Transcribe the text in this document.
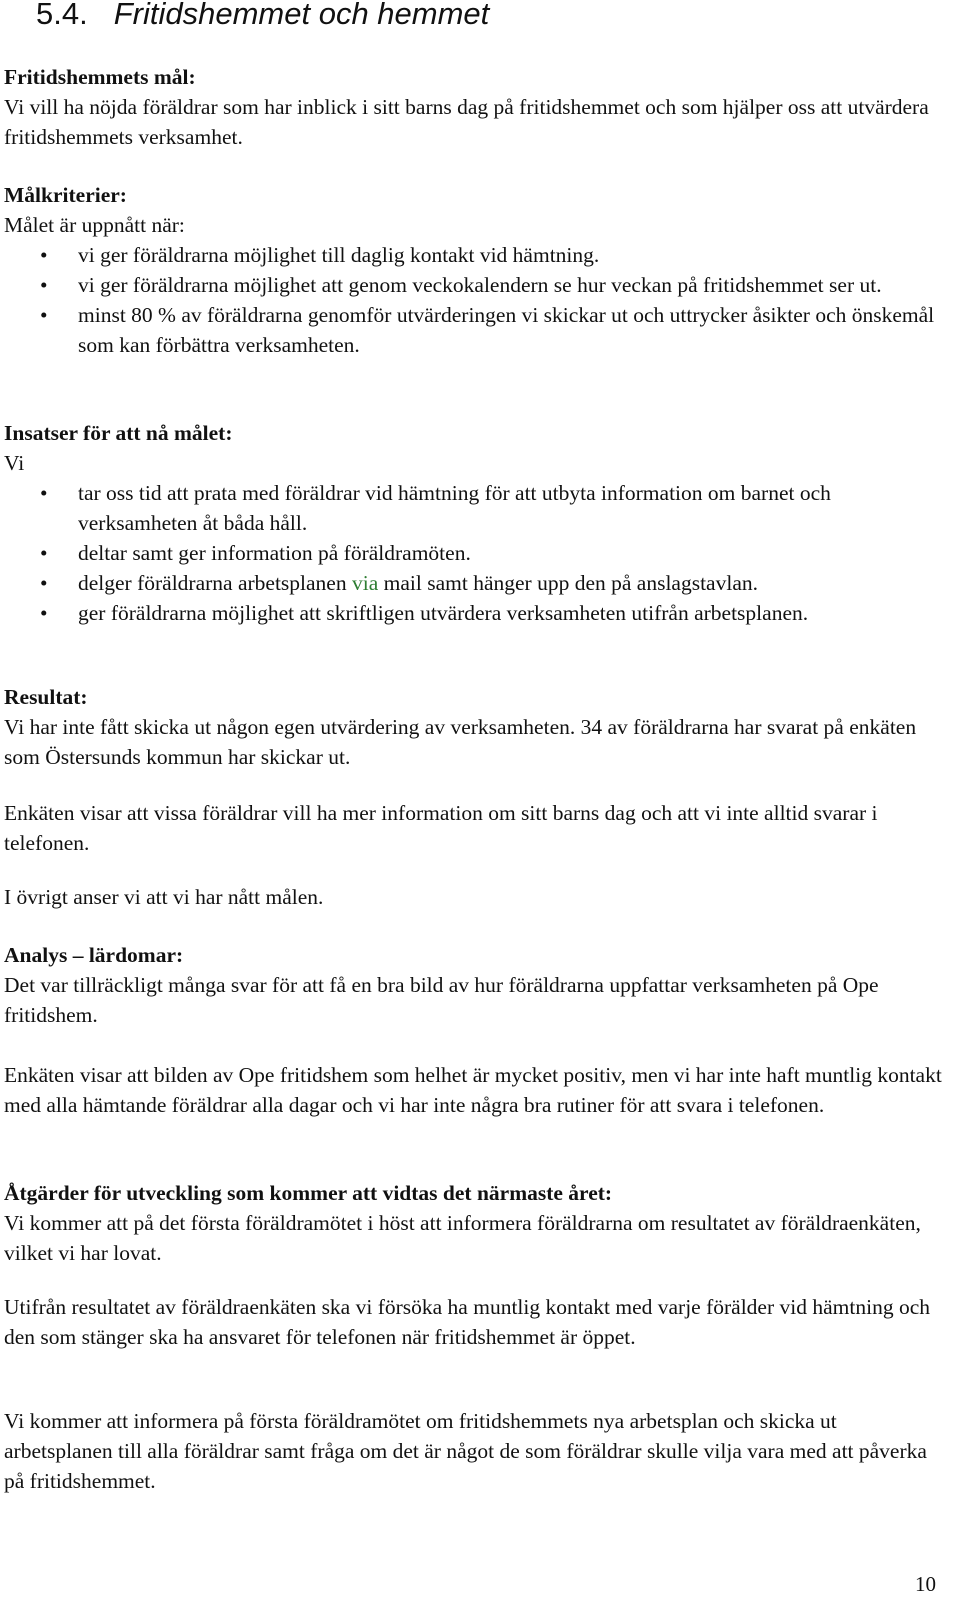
5.4. Fritidshemmet och hemmet
Fritidshemmets mål:
Vi vill ha nöjda föräldrar som har inblick i sitt barns dag på fritidshemmet och som hjälper oss att utvärdera fritidshemmets verksamhet.
Målkriterier:
Målet är uppnått när:
• vi ger föräldrarna möjlighet till daglig kontakt vid hämtning.
• vi ger föräldrarna möjlighet att genom veckokalendern se hur veckan på fritidshemmet ser ut.
• minst 80 % av föräldrarna genomför utvärderingen vi skickar ut och uttrycker åsikter och önskemål som kan förbättra verksamheten.
Insatser för att nå målet:
Vi
• tar oss tid att prata med föräldrar vid hämtning för att utbyta information om barnet och verksamheten åt båda håll.
• deltar samt ger information på föräldramöten.
• delger föräldrarna arbetsplanen via mail samt hänger upp den på anslagstavlan.
• ger föräldrarna möjlighet att skriftligen utvärdera verksamheten utifrån arbetsplanen.
Resultat:
Vi har inte fått skicka ut någon egen utvärdering av verksamheten. 34 av föräldrarna har svarat på enkäten som Östersunds kommun har skickar ut.
Enkäten visar att vissa föräldrar vill ha mer information om sitt barns dag och att vi inte alltid svarar i telefonen.
I övrigt anser vi att vi har nått målen.
Analys – lärdomar:
Det var tillräckligt många svar för att få en bra bild av hur föräldrarna uppfattar verksamheten på Ope fritidshem.
Enkäten visar att bilden av Ope fritidshem som helhet är mycket positiv, men vi har inte haft muntlig kontakt med alla hämtande föräldrar alla dagar och vi har inte några bra rutiner för att svara i telefonen.
Åtgärder för utveckling som kommer att vidtas det närmaste året:
Vi kommer att på det första föräldramötet i höst att informera föräldrarna om resultatet av föräldraenkäten, vilket vi har lovat.
Utifrån resultatet av föräldraenkäten ska vi försöka ha muntlig kontakt med varje förälder vid hämtning och den som stänger ska ha ansvaret för telefonen när fritidshemmet är öppet.
Vi kommer att informera på första föräldramötet om fritidshemmets nya arbetsplan och skicka ut arbetsplanen till alla föräldrar samt fråga om det är något de som föräldrar skulle vilja vara med att påverka på fritidshemmet.
10
